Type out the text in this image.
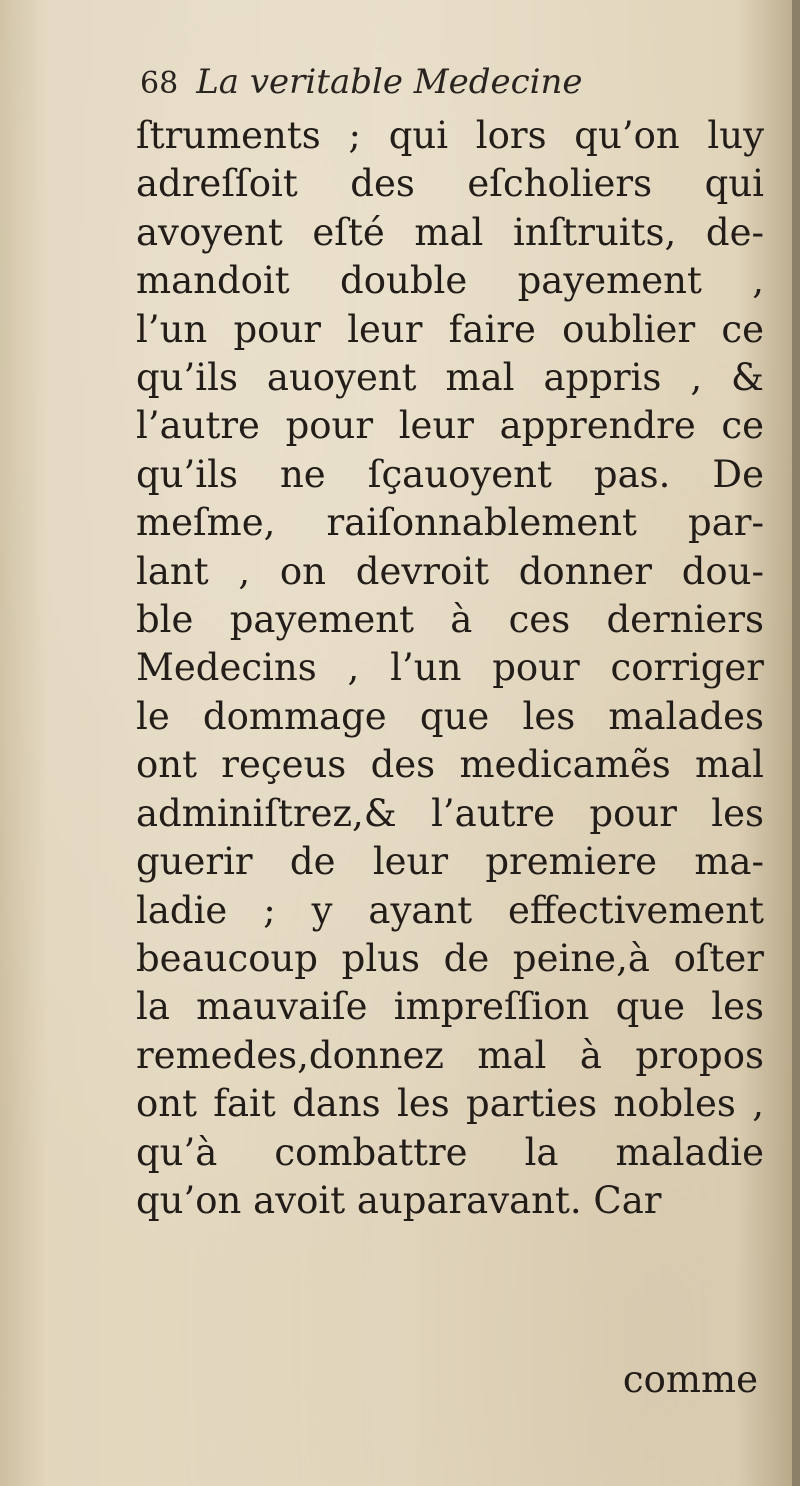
68 La veritable Medecine
ſtruments ; qui lors qu’on luy
adreſſoit des eſcholiers qui
avoyent eſté mal inſtruits, de-
mandoit double payement ,
l’un pour leur faire oublier ce
qu’ils auoyent mal appris , &
l’autre pour leur apprendre ce
qu’ils ne ſçauoyent pas. De
meſme, raiſonnablement par-
lant , on devroit donner dou-
ble payement à ces derniers
Medecins , l’un pour corriger
le dommage que les malades
ont reçeus des medicamẽs mal
adminiſtrez,& l’autre pour les
guerir de leur premiere ma-
ladie ; y ayant effectivement
beaucoup plus de peine,à oſter
la mauvaiſe impreſſion que les
remedes,donnez mal à propos
ont fait dans les parties nobles ,
qu’à combattre la maladie
qu’on avoit auparavant. Car
comme
